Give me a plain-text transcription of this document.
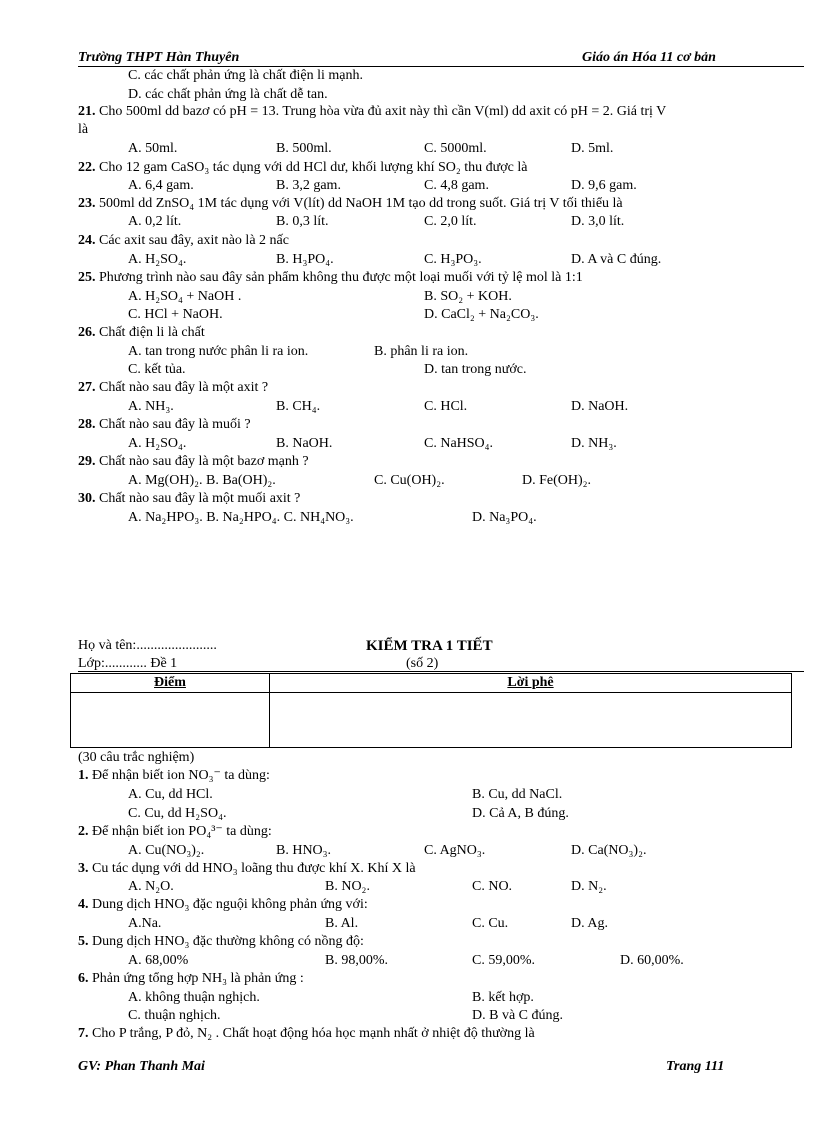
Trường THPT Hàn Thuyên	Giáo án Hóa 11 cơ bản
C. các chất phản ứng là chất điện li mạnh.
D. các chất phản ứng là chất dễ tan.
21. Cho 500ml dd bazơ có pH = 13. Trung hòa vừa đủ axit này thì cần V(ml) dd axit có pH = 2. Giá trị V
là
A. 50ml.	B. 500ml.	C. 5000ml.	D. 5ml.
22. Cho 12 gam CaSO₃ tác dụng với dd HCl dư, khối lượng khí SO₂ thu được là
A. 6,4 gam.	B. 3,2 gam.	C. 4,8 gam.	D. 9,6 gam.
23. 500ml dd ZnSO₄ 1M tác dụng với V(lít) dd NaOH 1M tạo dd trong suốt. Giá trị V tối thiểu là
A. 0,2 lít.	B. 0,3 lít.	C. 2,0 lít.	D. 3,0 lít.
24. Các axit sau đây, axit nào là 2 nấc
A. H₂SO₄.	B. H₃PO₄.	C. H₃PO₃.	D. A và C đúng.
25. Phương trình nào sau đây sản phẩm không thu được một loại muối với tỷ lệ mol là 1:1
A. H₂SO₄ + NaOH .	B. SO₂ + KOH.
C. HCl + NaOH.	D. CaCl₂ + Na₂CO₃.
26. Chất điện li là chất
A. tan trong nước phân li ra ion.	B. phân li ra ion.
C. kết tủa.	D. tan trong nước.
27. Chất nào sau đây là một axit ?
A. NH₃.	B. CH₄.	C. HCl.	D. NaOH.
28. Chất nào sau đây là muối ?
A. H₂SO₄.	B. NaOH.	C. NaHSO₄.	D. NH₃.
29. Chất nào sau đây là một bazơ mạnh ?
A. Mg(OH)₂. B. Ba(OH)₂.	C. Cu(OH)₂.	D. Fe(OH)₂.
30. Chất nào sau đây là một muối axit ?
A. Na₂HPO₃. B. Na₂HPO₄. C. NH₄NO₃.	D. Na₃PO₄.
Họ và tên:.......................	KIỂM TRA 1 TIẾT
Lớp:............ Đề 1	(số 2)
Điểm	Lời phê

(30 câu trắc nghiệm)
1. Để nhận biết ion NO₃⁻ ta dùng:
A. Cu, dd HCl.	B. Cu, dd NaCl.
C. Cu, dd H₂SO₄.	D. Cả A, B đúng.
2. Để nhận biết ion PO₄³⁻ ta dùng:
A. Cu(NO₃)₂.	B. HNO₃.	C. AgNO₃.	D. Ca(NO₃)₂.
3. Cu tác dụng với dd HNO₃ loãng thu được khí X. Khí X là
A. N₂O.	B. NO₂.	C. NO.	D. N₂.
4. Dung dịch HNO₃ đặc nguội không phản ứng với:
A.Na.	B. Al.	C. Cu.	D. Ag.
5. Dung dịch HNO₃ đặc thường không có nồng độ:
A. 68,00%	B. 98,00%.	C. 59,00%.	D. 60,00%.
6. Phản ứng tổng hợp NH₃ là phản ứng :
A. không thuận nghịch.	B. kết hợp.
C. thuận nghịch.	D. B và C đúng.
7. Cho P trắng, P đỏ, N₂ . Chất hoạt động hóa học mạnh nhất ở nhiệt độ thường là
GV: Phan Thanh Mai	Trang 111
